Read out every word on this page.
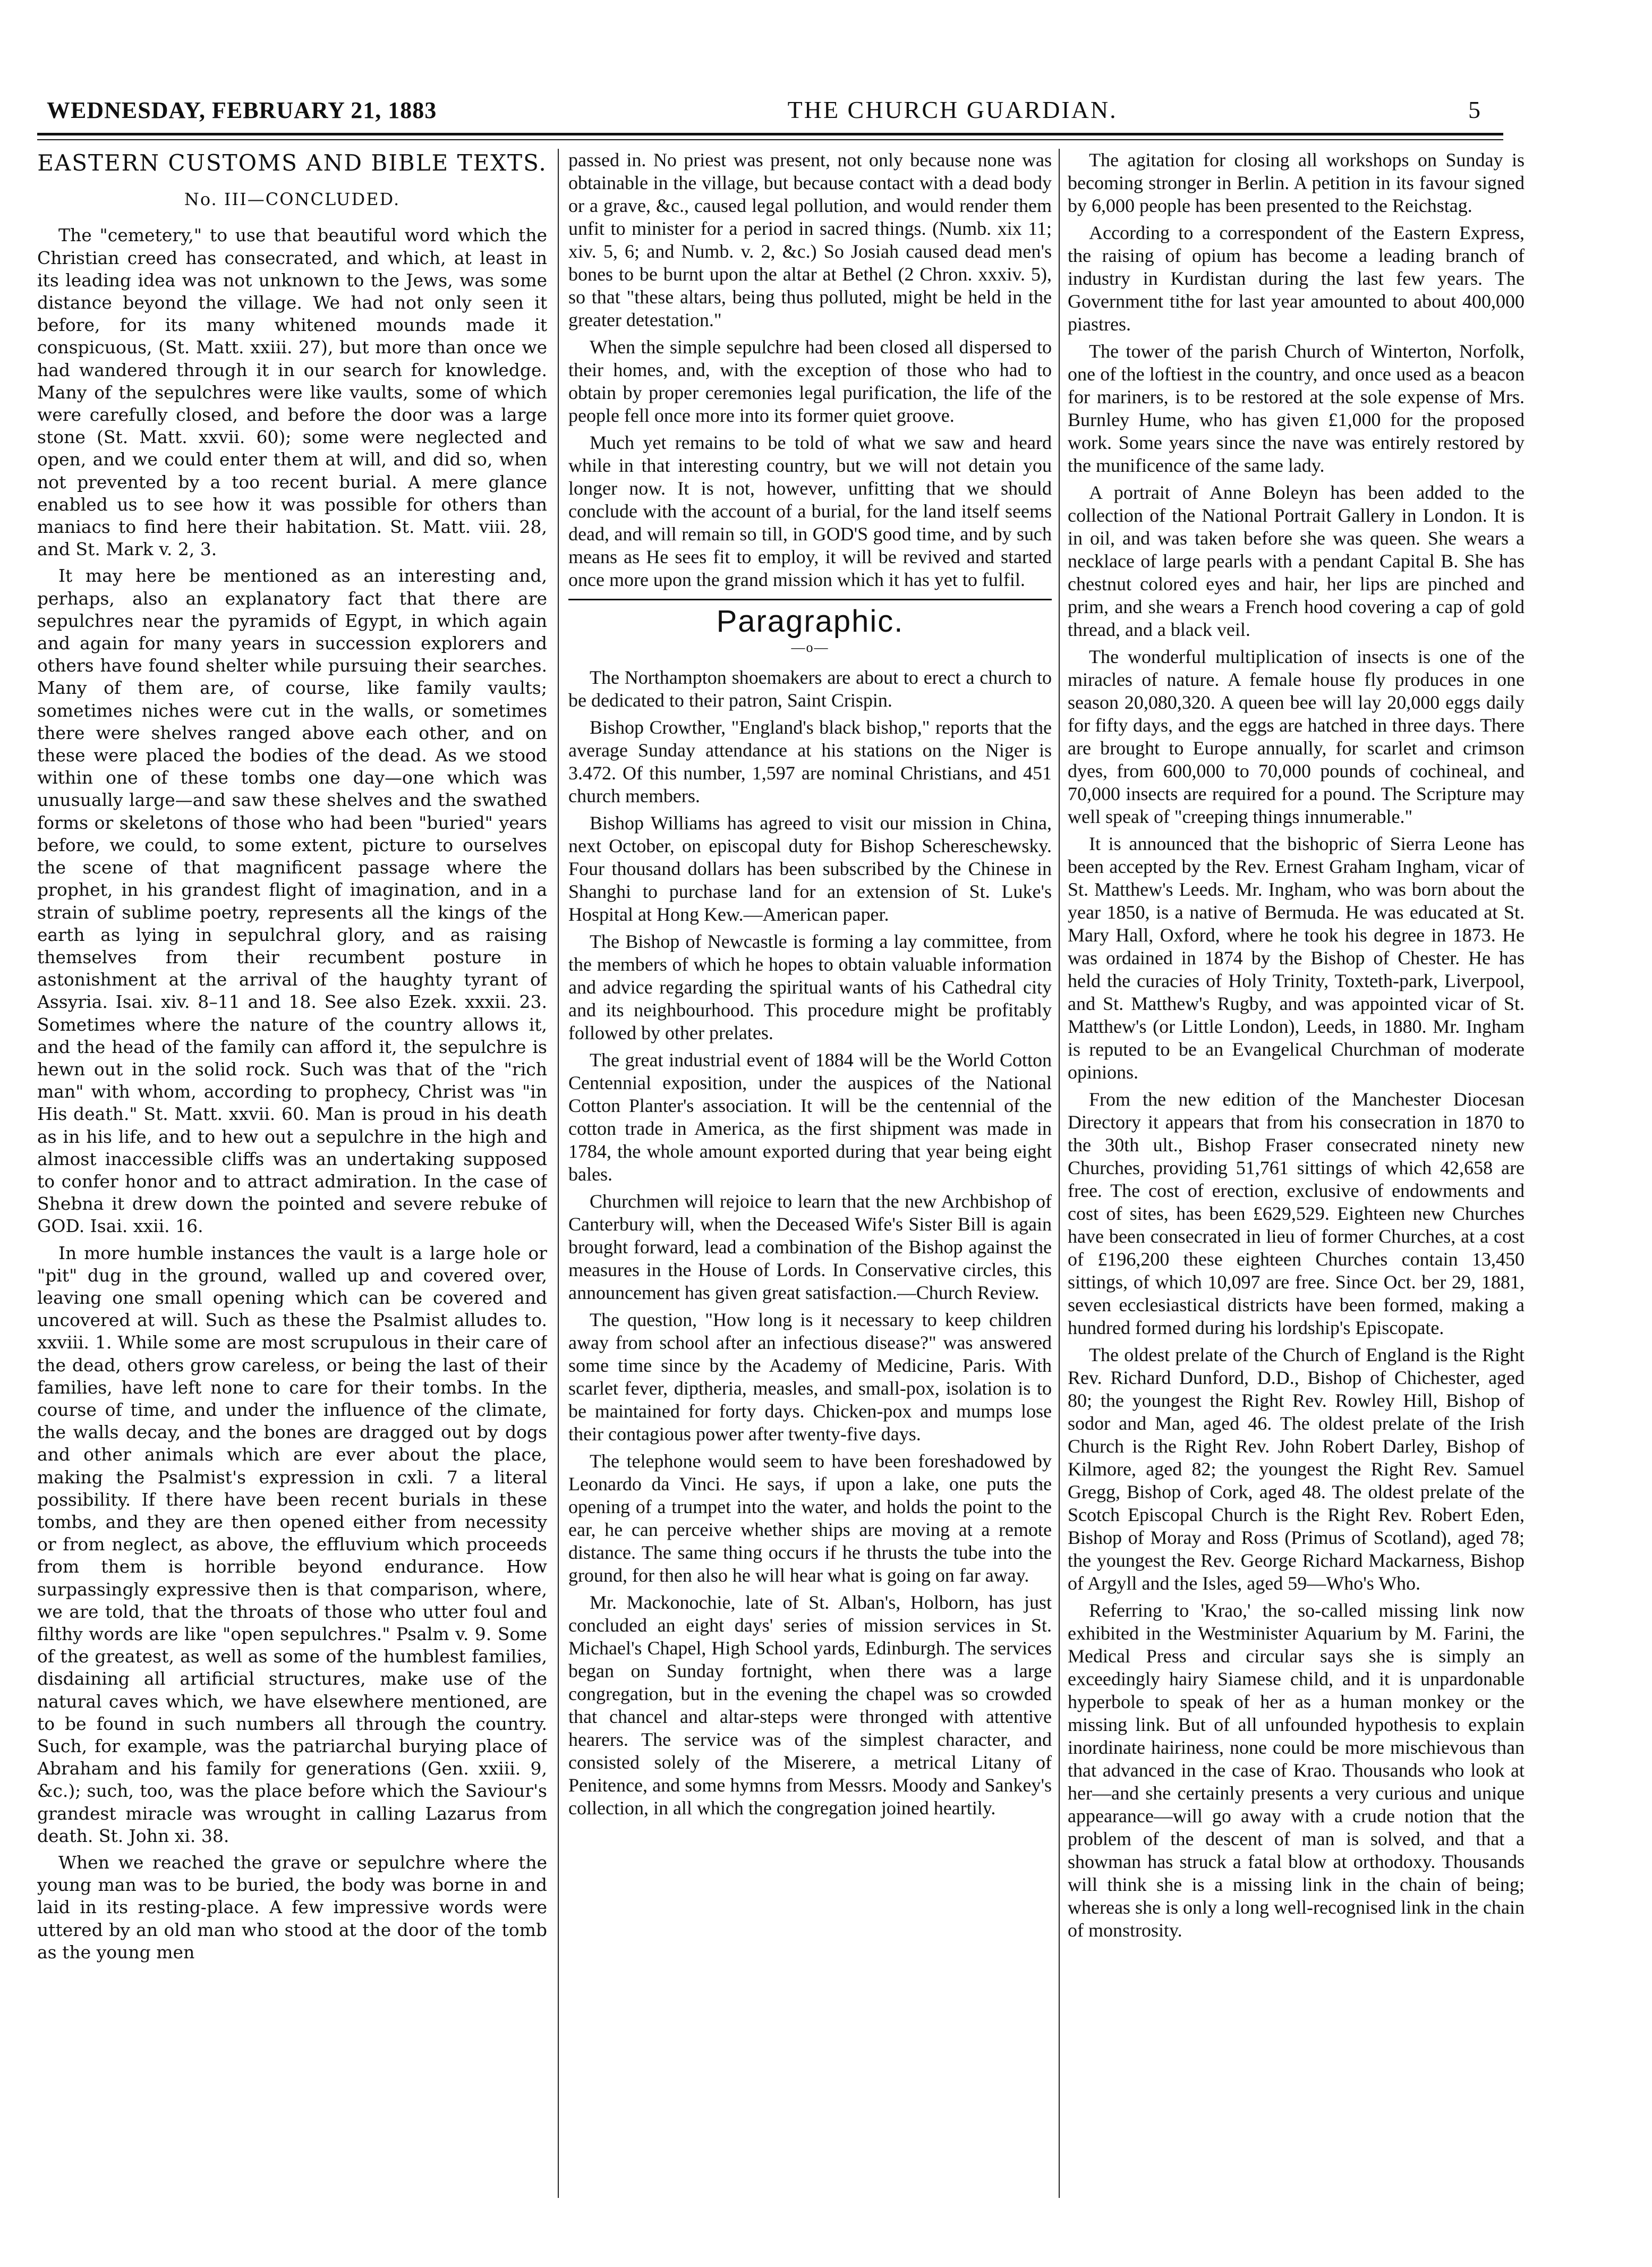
WEDNESDAY, FEBRUARY 21, 1883	THE CHURCH GUARDIAN.	5
EASTERN CUSTOMS AND BIBLE TEXTS.
No. III—CONCLUDED.

The "cemetery," to use that beautiful word which the Christian creed has consecrated, and which, at least in its leading idea was not unknown to the Jews, was some distance beyond the village. We had not only seen it before, for its many whitened mounds made it conspicuous, (St. Matt. xxiii. 27), but more than once we had wandered through it in our search for knowledge. Many of the sepulchres were like vaults, some of which were carefully closed, and before the door was a large stone (St. Matt. xxvii. 60); some were neglected and open, and we could enter them at will, and did so, when not prevented by a too recent burial. A mere glance enabled us to see how it was possible for others than maniacs to find here their habitation. St. Matt. viii. 28, and St. Mark v. 2, 3.

It may here be mentioned as an interesting and, perhaps, also an explanatory fact that there are sepulchres near the pyramids of Egypt, in which again and again for many years in succession explorers and others have found shelter while pursuing their searches. Many of them are, of course, like family vaults; sometimes niches were cut in the walls, or sometimes there were shelves ranged above each other, and on these were placed the bodies of the dead. As we stood within one of these tombs one day—one which was unusually large—and saw these shelves and the swathed forms or skeletons of those who had been "buried" years before, we could, to some extent, picture to ourselves the scene of that magnificent passage where the prophet, in his grandest flight of imagination, and in a strain of sublime poetry, represents all the kings of the earth as lying in sepulchral glory, and as raising themselves from their recumbent posture in astonishment at the arrival of the haughty tyrant of Assyria. Isai. xiv. 8–11 and 18. See also Ezek. xxxii. 23. Sometimes where the nature of the country allows it, and the head of the family can afford it, the sepulchre is hewn out in the solid rock. Such was that of the "rich man" with whom, according to prophecy, Christ was "in His death." St. Matt. xxvii. 60. Man is proud in his death as in his life, and to hew out a sepulchre in the high and almost inaccessible cliffs was an undertaking supposed to confer honor and to attract admiration. In the case of Shebna it drew down the pointed and severe rebuke of GOD. Isai. xxii. 16.

In more humble instances the vault is a large hole or "pit" dug in the ground, walled up and covered over, leaving one small opening which can be covered and uncovered at will. Such as these the Psalmist alludes to. xxviii. 1. While some are most scrupulous in their care of the dead, others grow careless, or being the last of their families, have left none to care for their tombs. In the course of time, and under the influence of the climate, the walls decay, and the bones are dragged out by dogs and other animals which are ever about the place, making the Psalmist's expression in cxli. 7 a literal possibility. If there have been recent burials in these tombs, and they are then opened either from necessity or from neglect, as above, the effluvium which proceeds from them is horrible beyond endurance. How surpassingly expressive then is that comparison, where, we are told, that the throats of those who utter foul and filthy words are like "open sepulchres." Psalm v. 9. Some of the greatest, as well as some of the humblest families, disdaining all artificial structures, make use of the natural caves which, we have elsewhere mentioned, are to be found in such numbers all through the country. Such, for example, was the patriarchal burying place of Abraham and his family for generations (Gen. xxiii. 9, &c.); such, too, was the place before which the Saviour's grandest miracle was wrought in calling Lazarus from death. St. John xi. 38.

When we reached the grave or sepulchre where the young man was to be buried, the body was borne in and laid in its resting-place. A few impressive words were uttered by an old man who stood at the door of the tomb as the young men

passed in. No priest was present, not only because none was obtainable in the village, but because contact with a dead body or a grave, &c., caused legal pollution, and would render them unfit to minister for a period in sacred things. (Numb. xix 11; xiv. 5, 6; and Numb. v. 2, &c.) So Josiah caused dead men's bones to be burnt upon the altar at Bethel (2 Chron. xxxiv. 5), so that "these altars, being thus polluted, might be held in the greater detestation."

When the simple sepulchre had been closed all dispersed to their homes, and, with the exception of those who had to obtain by proper ceremonies legal purification, the life of the people fell once more into its former quiet groove.

Much yet remains to be told of what we saw and heard while in that interesting country, but we will not detain you longer now. It is not, however, unfitting that we should conclude with the account of a burial, for the land itself seems dead, and will remain so till, in GOD'S good time, and by such means as He sees fit to employ, it will be revived and started once more upon the grand mission which it has yet to fulfil.

Paragraphic.
—o—

The Northampton shoemakers are about to erect a church to be dedicated to their patron, Saint Crispin.

Bishop Crowther, "England's black bishop," reports that the average Sunday attendance at his stations on the Niger is 3.472. Of this number, 1,597 are nominal Christians, and 451 church members.

Bishop Williams has agreed to visit our mission in China, next October, on episcopal duty for Bishop Schereschewsky. Four thousand dollars has been subscribed by the Chinese in Shanghi to purchase land for an extension of St. Luke's Hospital at Hong Kew.—American paper.

The Bishop of Newcastle is forming a lay committee, from the members of which he hopes to obtain valuable information and advice regarding the spiritual wants of his Cathedral city and its neighbourhood. This procedure might be profitably followed by other prelates.

The great industrial event of 1884 will be the World Cotton Centennial exposition, under the auspices of the National Cotton Planter's association. It will be the centennial of the cotton trade in America, as the first shipment was made in 1784, the whole amount exported during that year being eight bales.

Churchmen will rejoice to learn that the new Archbishop of Canterbury will, when the Deceased Wife's Sister Bill is again brought forward, lead a combination of the Bishop against the measures in the House of Lords. In Conservative circles, this announcement has given great satisfaction.—Church Review.

The question, "How long is it necessary to keep children away from school after an infectious disease?" was answered some time since by the Academy of Medicine, Paris. With scarlet fever, diptheria, measles, and small-pox, isolation is to be maintained for forty days. Chicken-pox and mumps lose their contagious power after twenty-five days.

The telephone would seem to have been foreshadowed by Leonardo da Vinci. He says, if upon a lake, one puts the opening of a trumpet into the water, and holds the point to the ear, he can perceive whether ships are moving at a remote distance. The same thing occurs if he thrusts the tube into the ground, for then also he will hear what is going on far away.

Mr. Mackonochie, late of St. Alban's, Holborn, has just concluded an eight days' series of mission services in St. Michael's Chapel, High School yards, Edinburgh. The services began on Sunday fortnight, when there was a large congregation, but in the evening the chapel was so crowded that chancel and altar-steps were thronged with attentive hearers. The service was of the simplest character, and consisted solely of the Miserere, a metrical Litany of Penitence, and some hymns from Messrs. Moody and Sankey's collection, in all which the congregation joined heartily.

The agitation for closing all workshops on Sunday is becoming stronger in Berlin. A petition in its favour signed by 6,000 people has been presented to the Reichstag.

According to a correspondent of the Eastern Express, the raising of opium has become a leading branch of industry in Kurdistan during the last few years. The Government tithe for last year amounted to about 400,000 piastres.

The tower of the parish Church of Winterton, Norfolk, one of the loftiest in the country, and once used as a beacon for mariners, is to be restored at the sole expense of Mrs. Burnley Hume, who has given £1,000 for the proposed work. Some years since the nave was entirely restored by the munificence of the same lady.

A portrait of Anne Boleyn has been added to the collection of the National Portrait Gallery in London. It is in oil, and was taken before she was queen. She wears a necklace of large pearls with a pendant Capital B. She has chestnut colored eyes and hair, her lips are pinched and prim, and she wears a French hood covering a cap of gold thread, and a black veil.

The wonderful multiplication of insects is one of the miracles of nature. A female house fly produces in one season 20,080,320. A queen bee will lay 20,000 eggs daily for fifty days, and the eggs are hatched in three days. There are brought to Europe annually, for scarlet and crimson dyes, from 600,000 to 70,000 pounds of cochineal, and 70,000 insects are required for a pound. The Scripture may well speak of "creeping things innumerable."

It is announced that the bishopric of Sierra Leone has been accepted by the Rev. Ernest Graham Ingham, vicar of St. Matthew's Leeds. Mr. Ingham, who was born about the year 1850, is a native of Bermuda. He was educated at St. Mary Hall, Oxford, where he took his degree in 1873. He was ordained in 1874 by the Bishop of Chester. He has held the curacies of Holy Trinity, Toxteth-park, Liverpool, and St. Matthew's Rugby, and was appointed vicar of St. Matthew's (or Little London), Leeds, in 1880. Mr. Ingham is reputed to be an Evangelical Churchman of moderate opinions.

From the new edition of the Manchester Diocesan Directory it appears that from his consecration in 1870 to the 30th ult., Bishop Fraser consecrated ninety new Churches, providing 51,761 sittings of which 42,658 are free. The cost of erection, exclusive of endowments and cost of sites, has been £629,529. Eighteen new Churches have been consecrated in lieu of former Churches, at a cost of £196,200 these eighteen Churches contain 13,450 sittings, of which 10,097 are free. Since Oct. ber 29, 1881, seven ecclesiastical districts have been formed, making a hundred formed during his lordship's Episcopate.

The oldest prelate of the Church of England is the Right Rev. Richard Dunford, D.D., Bishop of Chichester, aged 80; the youngest the Right Rev. Rowley Hill, Bishop of sodor and Man, aged 46. The oldest prelate of the Irish Church is the Right Rev. John Robert Darley, Bishop of Kilmore, aged 82; the youngest the Right Rev. Samuel Gregg, Bishop of Cork, aged 48. The oldest prelate of the Scotch Episcopal Church is the Right Rev. Robert Eden, Bishop of Moray and Ross (Primus of Scotland), aged 78; the youngest the Rev. George Richard Mackarness, Bishop of Argyll and the Isles, aged 59—Who's Who.

Referring to 'Krao,' the so-called missing link now exhibited in the Westminister Aquarium by M. Farini, the Medical Press and circular says she is simply an exceedingly hairy Siamese child, and it is unpardonable hyperbole to speak of her as a human monkey or the missing link. But of all unfounded hypothesis to explain inordinate hairiness, none could be more mischievous than that advanced in the case of Krao. Thousands who look at her—and she certainly presents a very curious and unique appearance—will go away with a crude notion that the problem of the descent of man is solved, and that a showman has struck a fatal blow at orthodoxy. Thousands will think she is a missing link in the chain of being; whereas she is only a long well-recognised link in the chain of monstrosity.
